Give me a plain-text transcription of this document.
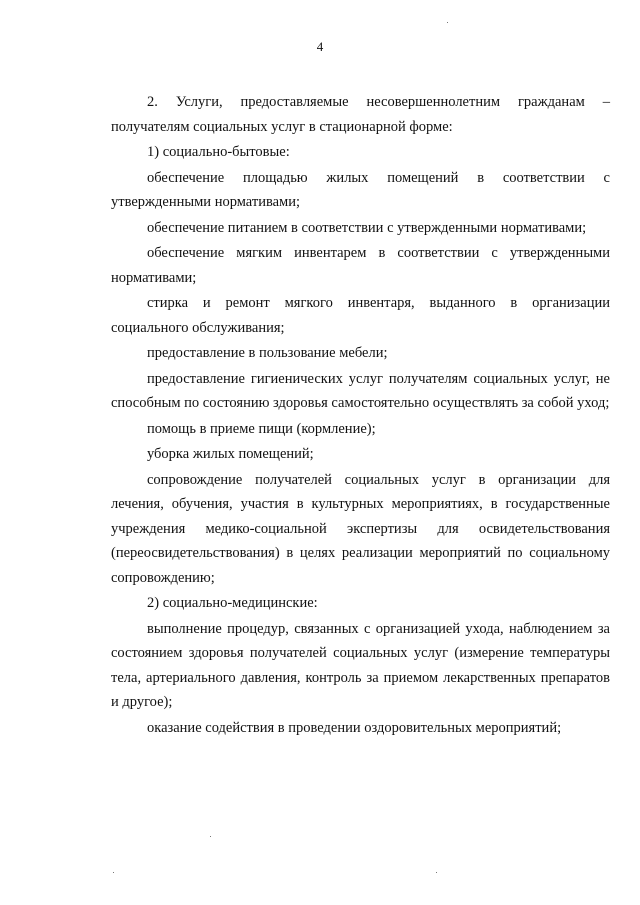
4

2. Услуги, предоставляемые несовершеннолетним гражданам – получателям социальных услуг в стационарной форме:

1) социально-бытовые:

обеспечение площадью жилых помещений в соответствии с утвержденными нормативами;

обеспечение питанием в соответствии с утвержденными нормативами;

обеспечение мягким инвентарем в соответствии с утвержденными нормативами;

стирка и ремонт мягкого инвентаря, выданного в организации социального обслуживания;

предоставление в пользование мебели;

предоставление гигиенических услуг получателям социальных услуг, не способным по состоянию здоровья самостоятельно осуществлять за собой уход;

помощь в приеме пищи (кормление);

уборка жилых помещений;

сопровождение получателей социальных услуг в организации для лечения, обучения, участия в культурных мероприятиях, в государственные учреждения медико-социальной экспертизы для освидетельствования (переосвидетельствования) в целях реализации мероприятий по социальному сопровождению;

2) социально-медицинские:

выполнение процедур, связанных с организацией ухода, наблюдением за состоянием здоровья получателей социальных услуг (измерение температуры тела, артериального давления, контроль за приемом лекарственных препаратов и другое);

оказание содействия в проведении оздоровительных мероприятий;
